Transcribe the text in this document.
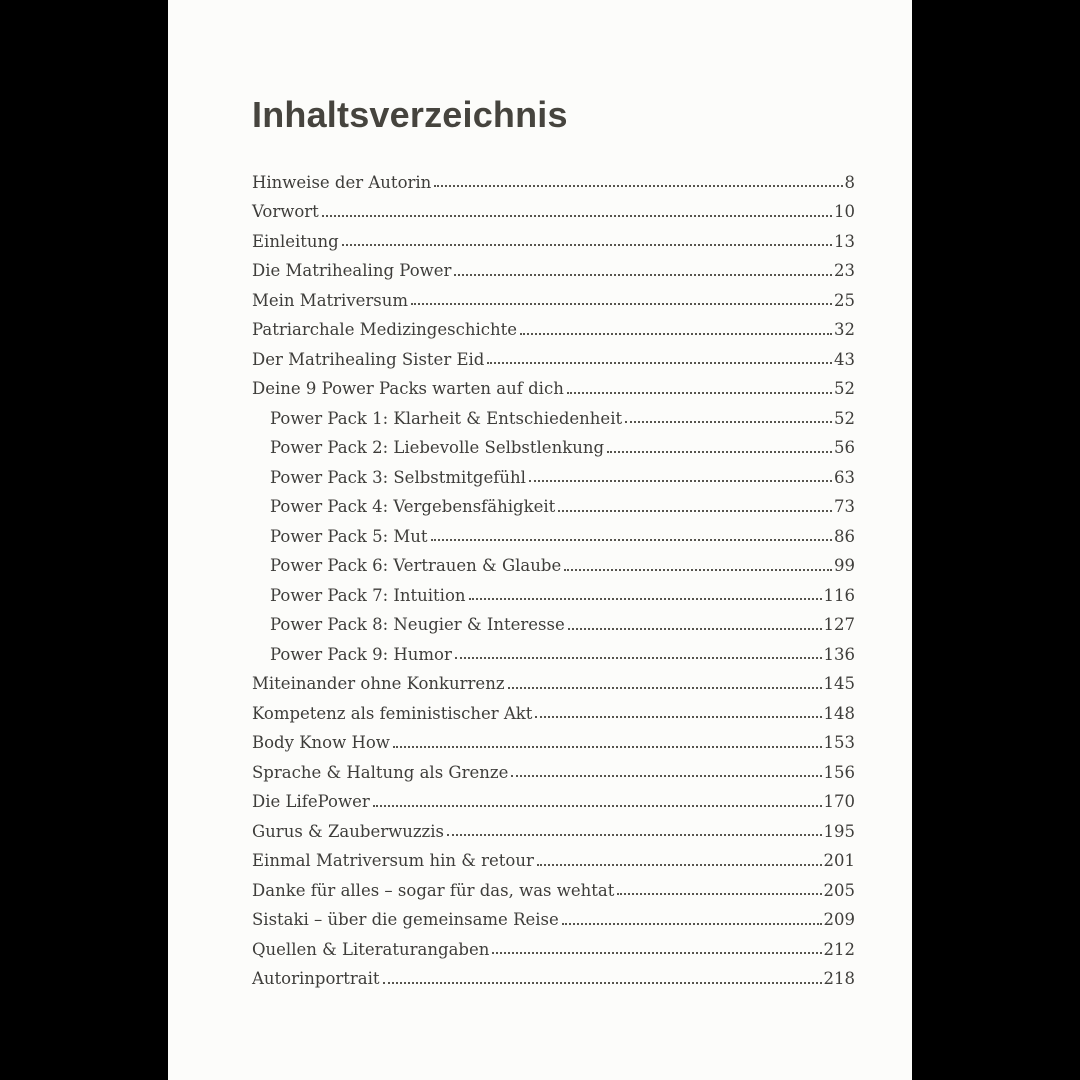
Inhaltsverzeichnis
Hinweise der Autorin	8
Vorwort	10
Einleitung	13
Die Matrihealing Power	23
Mein Matriversum	25
Patriarchale Medizingeschichte	32
Der Matrihealing Sister Eid	43
Deine 9 Power Packs warten auf dich	52
Power Pack 1: Klarheit & Entschiedenheit	52
Power Pack 2: Liebevolle Selbstlenkung	56
Power Pack 3: Selbstmitgefühl	63
Power Pack 4: Vergebensfähigkeit	73
Power Pack 5: Mut	86
Power Pack 6: Vertrauen & Glaube	99
Power Pack 7: Intuition	116
Power Pack 8: Neugier & Interesse	127
Power Pack 9: Humor	136
Miteinander ohne Konkurrenz	145
Kompetenz als feministischer Akt	148
Body Know How	153
Sprache & Haltung als Grenze	156
Die LifePower	170
Gurus & Zauberwuzzis	195
Einmal Matriversum hin & retour	201
Danke für alles – sogar für das, was wehtat	205
Sistaki – über die gemeinsame Reise	209
Quellen & Literaturangaben	212
Autorinportrait	218
